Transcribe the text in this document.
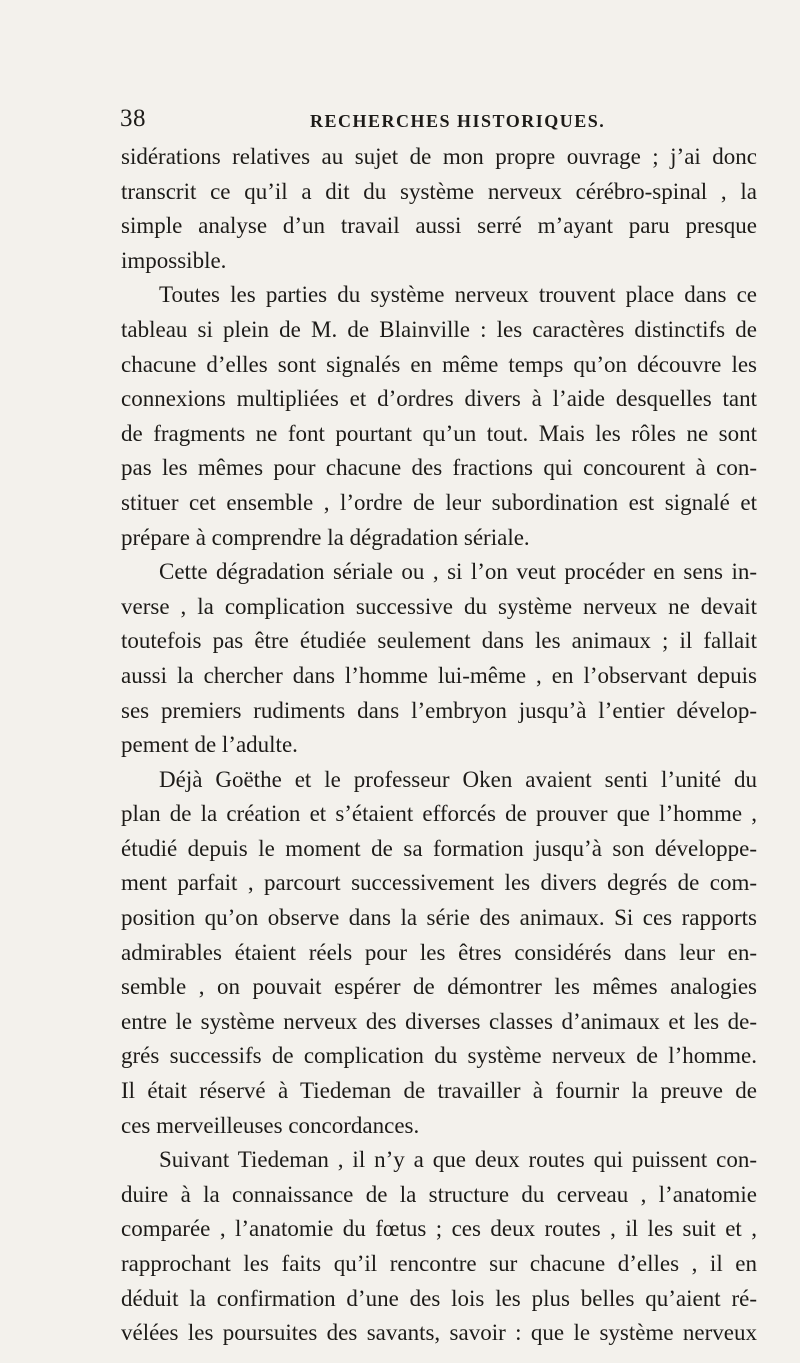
38	RECHERCHES HISTORIQUES.
sidérations relatives au sujet de mon propre ouvrage ; j’ai donc
transcrit ce qu’il a dit du système nerveux cérébro-spinal , la
simple analyse d’un travail aussi serré m’ayant paru presque
impossible.
Toutes les parties du système nerveux trouvent place dans ce
tableau si plein de M. de Blainville : les caractères distinctifs de
chacune d’elles sont signalés en même temps qu’on découvre les
connexions multipliées et d’ordres divers à l’aide desquelles tant
de fragments ne font pourtant qu’un tout. Mais les rôles ne sont
pas les mêmes pour chacune des fractions qui concourent à con-
stituer cet ensemble , l’ordre de leur subordination est signalé et
prépare à comprendre la dégradation sériale.
Cette dégradation sériale ou , si l’on veut procéder en sens in-
verse , la complication successive du système nerveux ne devait
toutefois pas être étudiée seulement dans les animaux ; il fallait
aussi la chercher dans l’homme lui-même , en l’observant depuis
ses premiers rudiments dans l’embryon jusqu’à l’entier dévelop-
pement de l’adulte.
Déjà Goëthe et le professeur Oken avaient senti l’unité du
plan de la création et s’étaient efforcés de prouver que l’homme ,
étudié depuis le moment de sa formation jusqu’à son développe-
ment parfait , parcourt successivement les divers degrés de com-
position qu’on observe dans la série des animaux. Si ces rapports
admirables étaient réels pour les êtres considérés dans leur en-
semble , on pouvait espérer de démontrer les mêmes analogies
entre le système nerveux des diverses classes d’animaux et les de-
grés successifs de complication du système nerveux de l’homme.
Il était réservé à Tiedeman de travailler à fournir la preuve de
ces merveilleuses concordances.
Suivant Tiedeman , il n’y a que deux routes qui puissent con-
duire à la connaissance de la structure du cerveau , l’anatomie
comparée , l’anatomie du fœtus ; ces deux routes , il les suit et ,
rapprochant les faits qu’il rencontre sur chacune d’elles , il en
déduit la confirmation d’une des lois les plus belles qu’aient ré-
vélées les poursuites des savants, savoir : que le système nerveux
